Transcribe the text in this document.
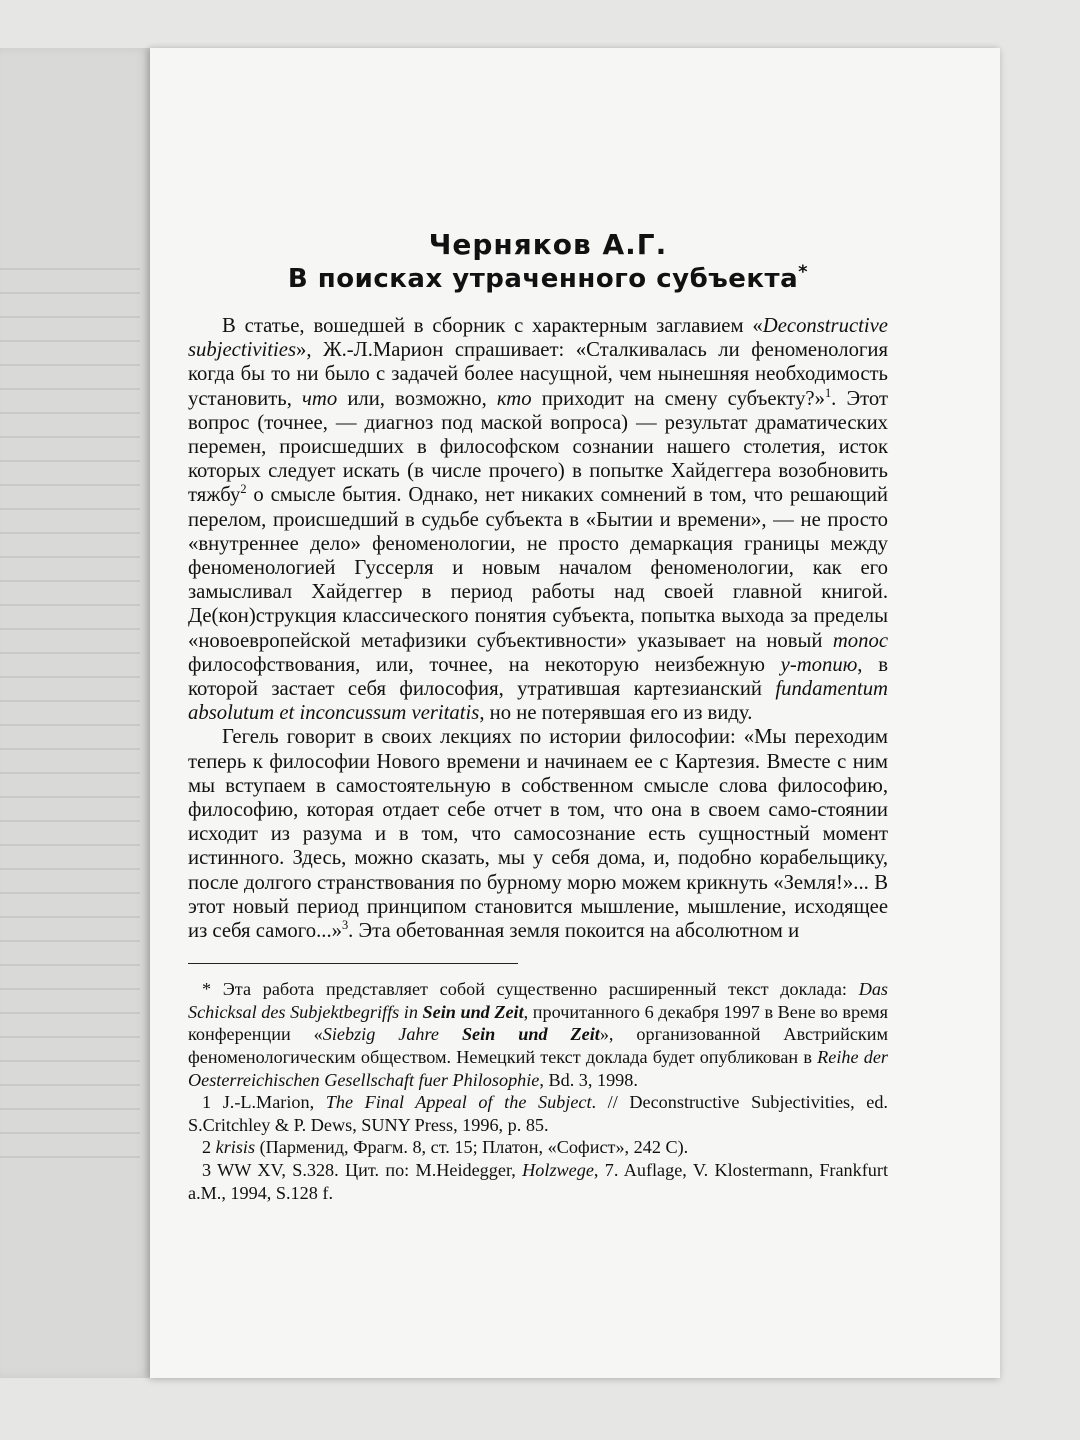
Черняков А.Г.
В поисках утраченного субъекта*

В статье, вошедшей в сборник с характерным заглавием «Deconstructive subjectivities», Ж.-Л.Марион спрашивает: «Сталкивалась ли феноменология когда бы то ни было с задачей более насущной, чем нынешняя необходимость установить, что или, возможно, кто приходит на смену субъекту?»$^1$. Этот вопрос (точнее, — диагноз под маской вопроса) — результат драматических перемен, происшедших в философском сознании нашего столетия, исток которых следует искать (в числе прочего) в попытке Хайдеггера возобновить тяжбу$^2$ о смысле бытия. Однако, нет никаких сомнений в том, что решающий перелом, происшедший в судьбе субъекта в «Бытии и времени», — не просто «внутреннее дело» феноменологии, не просто демаркация границы между феноменологией Гуссерля и новым началом феноменологии, как его замысливал Хайдеггер в период работы над своей главной книгой. Де(кон)струкция классического понятия субъекта, попытка выхода за пределы «новоевропейской метафизики субъективности» указывает на новый топос философствования, или, точнее, на некоторую неизбежную у-топию, в которой застает себя философия, утратившая картезианский fundamentum absolutum et inconcussum veritatis, но не потерявшая его из виду.

Гегель говорит в своих лекциях по истории философии: «Мы переходим теперь к философии Нового времени и начинаем ее с Картезия. Вместе с ним мы вступаем в самостоятельную в собственном смысле слова философию, философию, которая отдает себе отчет в том, что она в своем само-стоянии исходит из разума и в том, что самосознание есть сущностный момент истинного. Здесь, можно сказать, мы у себя дома, и, подобно корабельщику, после долгого странствования по бурному морю можем крикнуть «Земля!»... В этот новый период принципом становится мышление, мышление, исходящее из себя самого...»$^3$. Эта обетованная земля покоится на абсолютном и

* Эта работа представляет собой существенно расширенный текст доклада: Das Schicksal des Subjektbegriffs in Sein und Zeit, прочитанного 6 декабря 1997 в Вене во время конференции «Siebzig Jahre Sein und Zeit», организованной Австрийским феноменологическим обществом. Немецкий текст доклада будет опубликован в Reihe der Oesterreichischen Gesellschaft fuer Philosophie, Bd. 3, 1998.

1 J.-L.Marion, The Final Appeal of the Subject. // Deconstructive Subjectivities, ed. S.Critchley & P. Dews, SUNY Press, 1996, p. 85.

2 krisis (Парменид, Фрагм. 8, ст. 15; Платон, «Софист», 242 C).

3 WW XV, S.328. Цит. по: M.Heidegger, Holzwege, 7. Auflage, V. Klostermann, Frankfurt a.M., 1994, S.128 f.
